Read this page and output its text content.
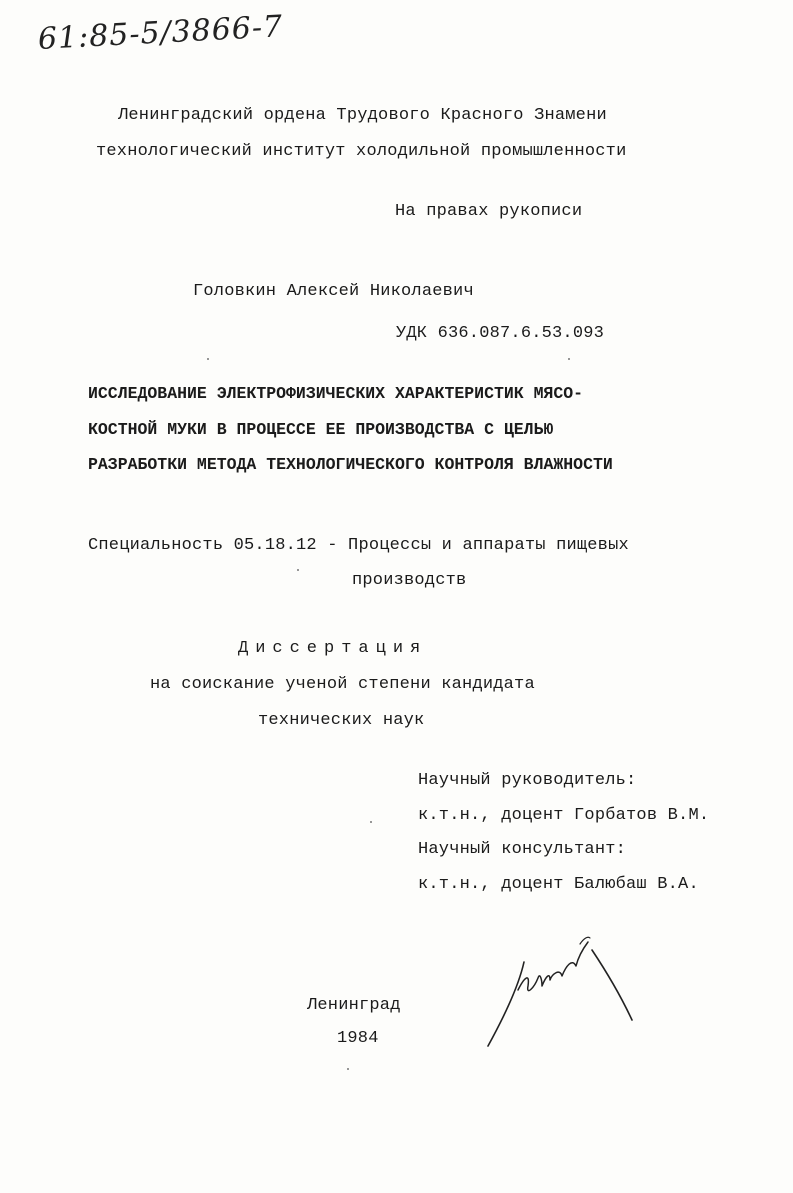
61:85-5/3866-7
Ленинградский ордена Трудового Красного Знамени
технологический институт холодильной промышленности
На правах рукописи
Головкин Алексей Николаевич
УДК 636.087.6.53.093
ИССЛЕДОВАНИЕ ЭЛЕКТРОФИЗИЧЕСКИХ ХАРАКТЕРИСТИК МЯСО-
КОСТНОЙ МУКИ В ПРОЦЕССЕ ЕЕ ПРОИЗВОДСТВА С ЦЕЛЬЮ
РАЗРАБОТКИ МЕТОДА ТЕХНОЛОГИЧЕСКОГО КОНТРОЛЯ ВЛАЖНОСТИ
Специальность 05.18.12 - Процессы и аппараты пищевых
производств
Диссертация
на соискание ученой степени кандидата
технических наук
Научный руководитель:
к.т.н., доцент Горбатов В.М.
Научный консультант:
к.т.н., доцент Балюбаш В.А.
Ленинград
1984
